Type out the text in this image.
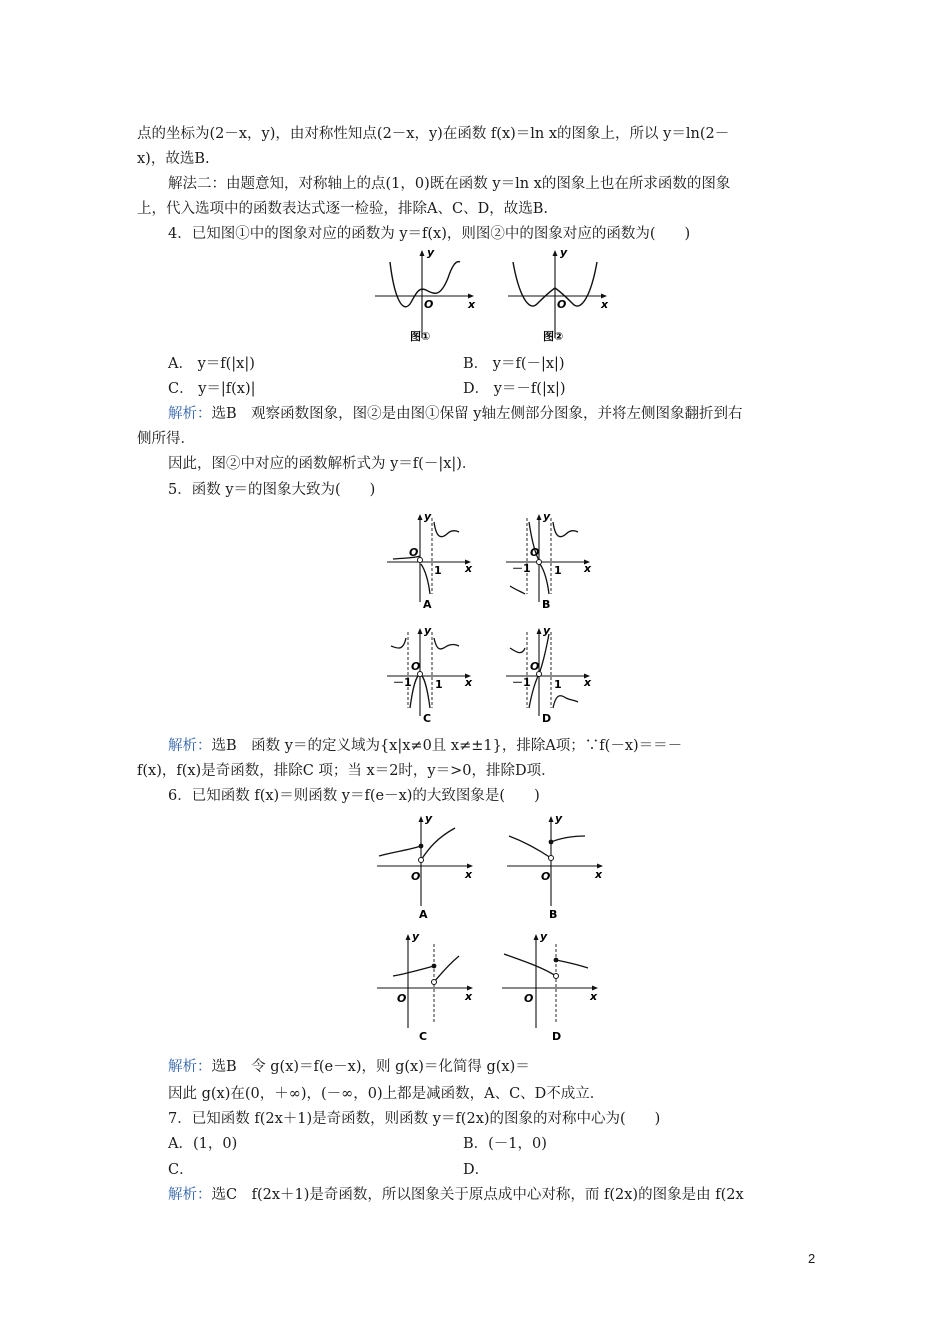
点的坐标为(2－x，y)，由对称性知点(2－x，y)在函数 f(x)＝ln x的图象上，所以 y＝ln(2－
x)，故选B.
解法二：由题意知，对称轴上的点(1，0)既在函数 y＝ln x的图象上也在所求函数的图象
上，代入选项中的函数表达式逐一检验，排除A、C、D，故选B.
4．已知图①中的图象对应的函数为 y＝f(x)，则图②中的图象对应的函数为(　　)
y
x
O
图①
y
x
O
图②
A． y＝f(|x|)	B． y＝f(－|x|)
C． y＝|f(x)|	D． y＝－f(|x|)
解析：选B　观察函数图象，图②是由图①保留 y轴左侧部分图象，并将左侧图象翻折到右
侧所得．
因此，图②中对应的函数解析式为 y＝f(－|x|)．
5．函数 y＝的图象大致为(　　)
y
x
O
1
A
y
x
O
－1 1
B
y
x
O
－1 1
C
y
x
O
－1 1
D
解析：选B　函数 y＝的定义域为{x|x≠0且 x≠±1}，排除A项；∵f(－x)＝＝－
f(x)，f(x)是奇函数，排除C 项；当 x＝2时，y＝>0，排除D项．
6．已知函数 f(x)＝则函数 y＝f(e－x)的大致图象是(　　)
y
x
O
A
y
x
O
B
y
x
O
C
y
x
O
D
解析：选B　令 g(x)＝f(e－x)，则 g(x)＝化简得 g(x)＝
因此 g(x)在(0，＋∞)，(－∞，0)上都是减函数，A、C、D不成立．
7．已知函数 f(2x＋1)是奇函数，则函数 y＝f(2x)的图象的对称中心为(　　)
A．(1，0)	B．(－1，0)
C．	D．
解析：选C　f(2x＋1)是奇函数，所以图象关于原点成中心对称，而 f(2x)的图象是由 f(2x
2
